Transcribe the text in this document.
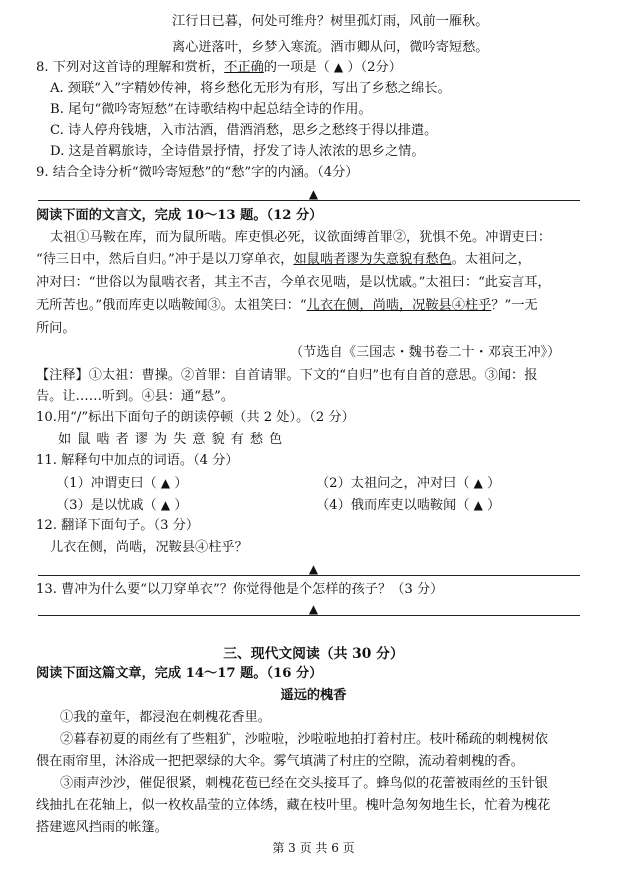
江行日已暮，何处可维舟？树里孤灯雨，风前一雁秋。
离心迸落叶，乡梦入寒流。酒市卿从问，微吟寄短愁。
8. 下列对这首诗的理解和赏析，不正确的一项是（ ▲ ）（2分）
A. 颈联“入”字精妙传神，将乡愁化无形为有形，写出了乡愁之绵长。
B. 尾句“微吟寄短愁”在诗歌结构中起总结全诗的作用。
C. 诗人停舟钱塘，入市沽酒，借酒消愁，思乡之愁终于得以排遣。
D. 这是首羁旅诗，全诗借景抒情，抒发了诗人浓浓的思乡之情。
9. 结合全诗分析“微吟寄短愁”的“愁”字的内涵。（4分）
▲
阅读下面的文言文，完成 10～13 题。（12 分）
太祖①马鞍在库，而为鼠所啮。库吏惧必死，议欲面缚首罪②，犹惧不免。冲谓吏曰：
“待三日中，然后自归。”冲于是以刀穿单衣，如鼠啮者谬为失意貌有愁色。太祖问之，
冲对曰：“世俗以为鼠啮衣者，其主不吉，今单衣见啮，是以忧戚。”太祖曰：“此妄言耳，
无所苦也。”俄而库吏以啮鞍闻③。太祖笑曰：“儿衣在侧，尚啮，况鞍县④柱乎？”一无
所问。
（节选自《三国志・魏书卷二十・邓哀王冲》）
【注释】①太祖：曹操。②首罪：自首请罪。下文的“自归”也有自首的意思。③闻：报
告。让……听到。④县：通“悬”。
10.用“/”标出下面句子的朗读停顿（共 2 处）。（2 分）
如鼠啮者谬为失意貌有愁色
11. 解释句中加点的词语。（4 分）
（1）冲谓吏曰（ ▲ ）	（2）太祖问之，冲对曰（ ▲ ）
（3）是以忧戚（ ▲ ）	（4）俄而库吏以啮鞍闻（ ▲ ）
12. 翻译下面句子。（3 分）
儿衣在侧，尚啮，况鞍县④柱乎？
▲
13. 曹冲为什么要“以刀穿单衣”？你觉得他是个怎样的孩子？（3 分）
▲
三、现代文阅读（共 30 分）
阅读下面这篇文章，完成 14～17 题。（16 分）
遥远的槐香
①我的童年，都浸泡在刺槐花香里。
②暮春初夏的雨丝有了些粗犷，沙啦啦，沙啦啦地拍打着村庄。枝叶稀疏的刺槐树依
偎在雨帘里，沐浴成一把把翠绿的大伞。雾气填满了村庄的空隙，流动着刺槐的香。
③雨声沙沙，催促很紧，刺槐花苞已经在交头接耳了。蜂鸟似的花蕾被雨丝的玉针银
线抽扎在花轴上，似一枚枚晶莹的立体绣，藏在枝叶里。槐叶急匆匆地生长，忙着为槐花
搭建遮风挡雨的帐篷。
第 3 页 共 6 页
